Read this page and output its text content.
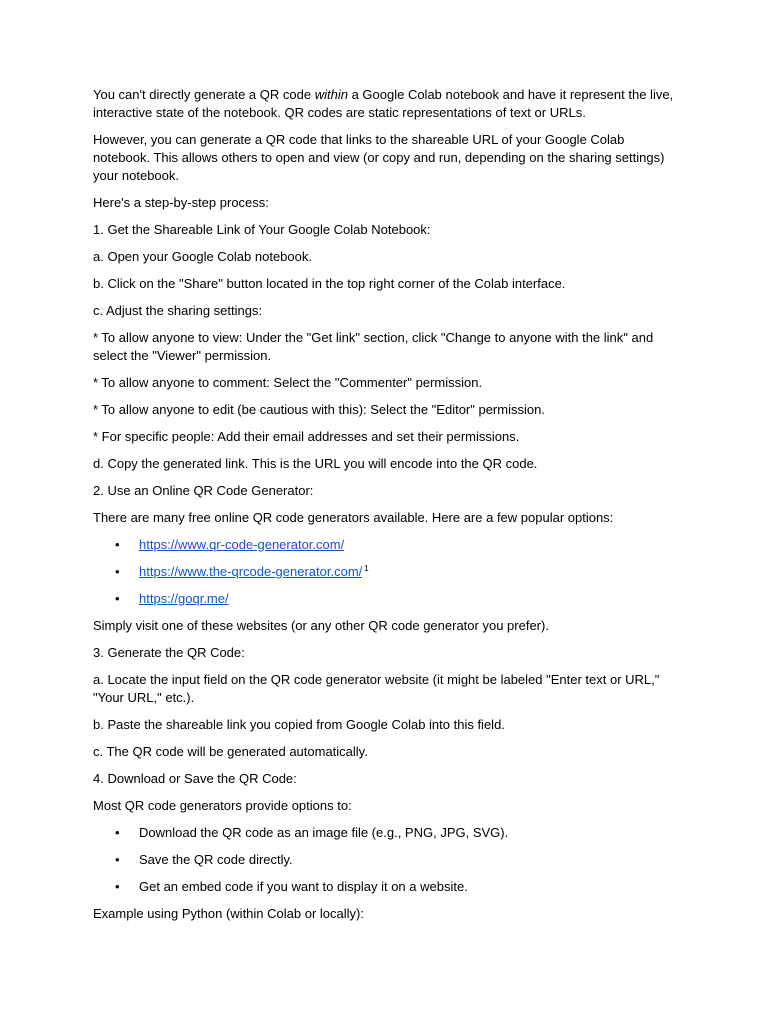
You can't directly generate a QR code within a Google Colab notebook and have it represent the live, interactive state of the notebook. QR codes are static representations of text or URLs.

However, you can generate a QR code that links to the shareable URL of your Google Colab notebook. This allows others to open and view (or copy and run, depending on the sharing settings) your notebook.

Here's a step-by-step process:

1. Get the Shareable Link of Your Google Colab Notebook:

a. Open your Google Colab notebook.

b. Click on the "Share" button located in the top right corner of the Colab interface.

c. Adjust the sharing settings:

* To allow anyone to view: Under the "Get link" section, click "Change to anyone with the link" and select the "Viewer" permission.

* To allow anyone to comment: Select the "Commenter" permission.

* To allow anyone to edit (be cautious with this): Select the "Editor" permission.

* For specific people: Add their email addresses and set their permissions.

d. Copy the generated link. This is the URL you will encode into the QR code.

2. Use an Online QR Code Generator:

There are many free online QR code generators available. Here are a few popular options:

• https://www.qr-code-generator.com/
• https://www.the-qrcode-generator.com/ $^1$
• https://goqr.me/

Simply visit one of these websites (or any other QR code generator you prefer).

3. Generate the QR Code:

a. Locate the input field on the QR code generator website (it might be labeled "Enter text or URL," "Your URL," etc.).

b. Paste the shareable link you copied from Google Colab into this field.

c. The QR code will be generated automatically.

4. Download or Save the QR Code:

Most QR code generators provide options to:

• Download the QR code as an image file (e.g., PNG, JPG, SVG).
• Save the QR code directly.
• Get an embed code if you want to display it on a website.

Example using Python (within Colab or locally):
